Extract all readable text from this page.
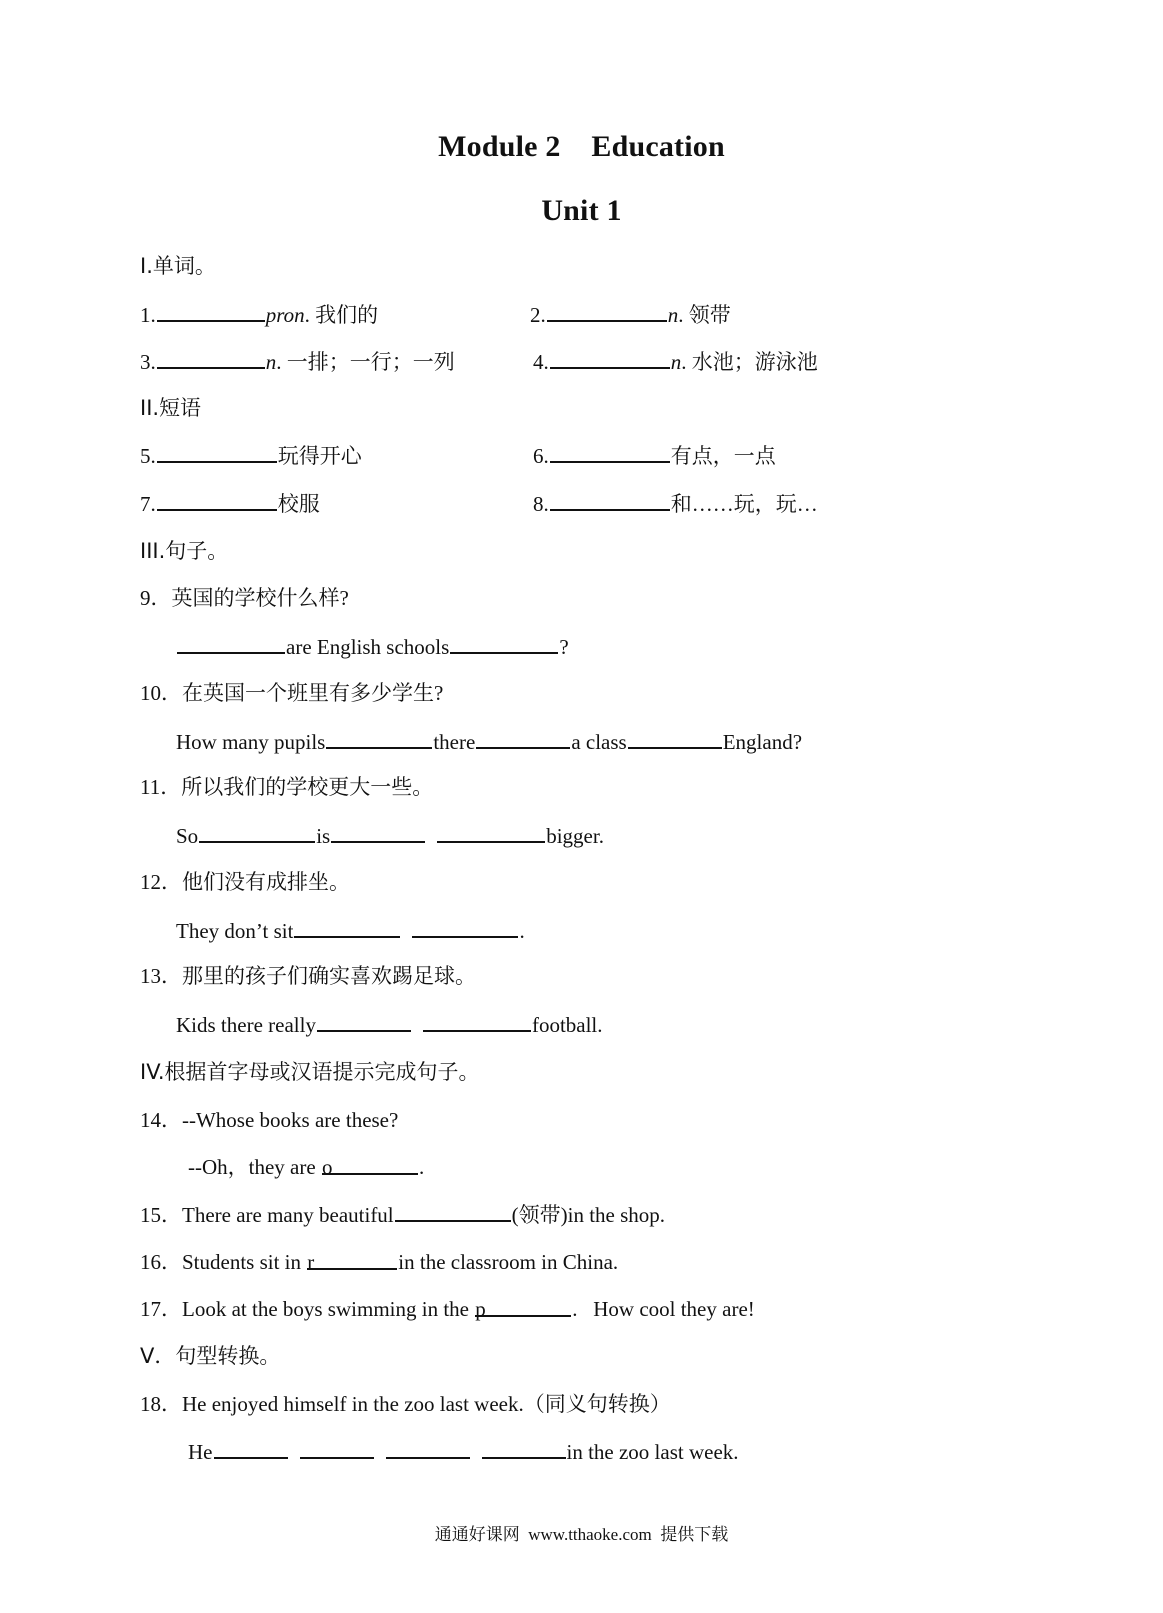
Module 2    Education
Unit 1
I.单词。
1.	pron. 我们的	2.	n. 领带
3.	n. 一排；一行；一列	4.	n. 水池；游泳池
II.短语
5.	玩得开心	6.	有点，一点
7.	校服	8.	和……玩，玩…
III.句子。
9．英国的学校什么样?
are English schools	?
10．在英国一个班里有多少学生?
How many pupils	there	a class	England?
11．所以我们的学校更大一些。
So	is	bigger.
12．他们没有成排坐。
They don’t sit	.
13．那里的孩子们确实喜欢踢足球。
Kids there really	football.
IV.根据首字母或汉语提示完成句子。
14．--Whose books are these?
--Oh，they are o	.
15．There are many beautiful	(领带)in the shop.
16．Students sit in r	in the classroom in China.
17．Look at the boys swimming in the p	.   How cool they are!
V．句型转换。
18．He enjoyed himself in the zoo last week.（同义句转换）
He	in the zoo last week.
通通好课网  www.tthaoke.com  提供下载
